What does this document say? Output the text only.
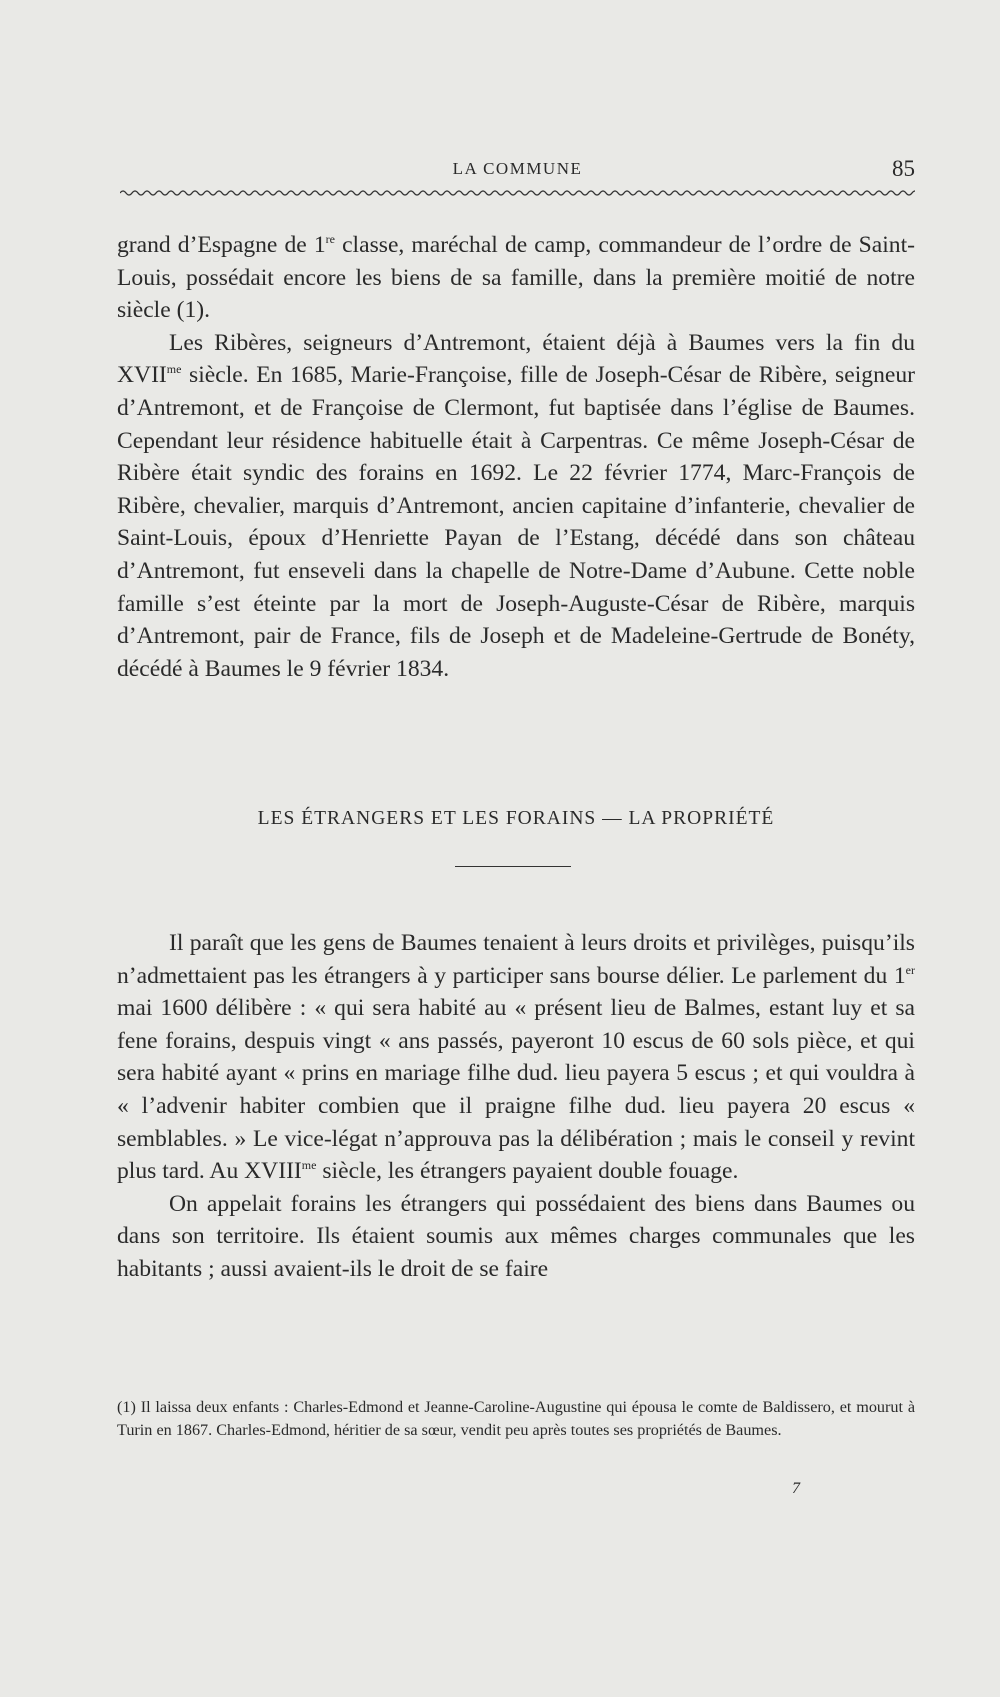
LA COMMUNE	85

grand d’Espagne de 1re classe, maréchal de camp, commandeur de l’ordre de Saint-Louis, possédait encore les biens de sa famille, dans la première moitié de notre siècle (1).

Les Ribères, seigneurs d’Antremont, étaient déjà à Baumes vers la fin du $XVII^{me}$ siècle. En 1685, Marie-Françoise, fille de Joseph-César de Ribère, seigneur d’Antremont, et de Françoise de Clermont, fut baptisée dans l’église de Baumes. Cependant leur résidence habituelle était à Carpentras. Ce même Joseph-César de Ribère était syndic des forains en 1692. Le 22 février 1774, Marc-François de Ribère, chevalier, marquis d’Antremont, ancien capitaine d’infanterie, chevalier de Saint-Louis, époux d’Henriette Payan de l’Estang, décédé dans son château d’Antremont, fut enseveli dans la chapelle de Notre-Dame d’Aubune. Cette noble famille s’est éteinte par la mort de Joseph-Auguste-César de Ribère, marquis d’Antremont, pair de France, fils de Joseph et de Madeleine-Gertrude de Bonéty, décédé à Baumes le 9 février 1834.

LES ÉTRANGERS ET LES FORAINS — LA PROPRIÉTÉ

Il paraît que les gens de Baumes tenaient à leurs droits et privilèges, puisqu’ils n’admettaient pas les étrangers à y participer sans bourse délier. Le parlement du 1er mai 1600 délibère : « qui sera habité au « présent lieu de Balmes, estant luy et sa fene forains, despuis vingt « ans passés, payeront 10 escus de 60 sols pièce, et qui sera habité ayant « prins en mariage filhe dud. lieu payera 5 escus ; et qui vouldra à « l’advenir habiter combien que il praigne filhe dud. lieu payera 20 escus « semblables. » Le vice-légat n’approuva pas la délibération ; mais le conseil y revint plus tard. Au $XVIII^{me}$ siècle, les étrangers payaient double fouage.

On appelait forains les étrangers qui possédaient des biens dans Baumes ou dans son territoire. Ils étaient soumis aux mêmes charges communales que les habitants ; aussi avaient-ils le droit de se faire

(1) Il laissa deux enfants : Charles-Edmond et Jeanne-Caroline-Augustine qui épousa le comte de Baldissero, et mourut à Turin en 1867. Charles-Edmond, héritier de sa sœur, vendit peu après toutes ses propriétés de Baumes.
7
